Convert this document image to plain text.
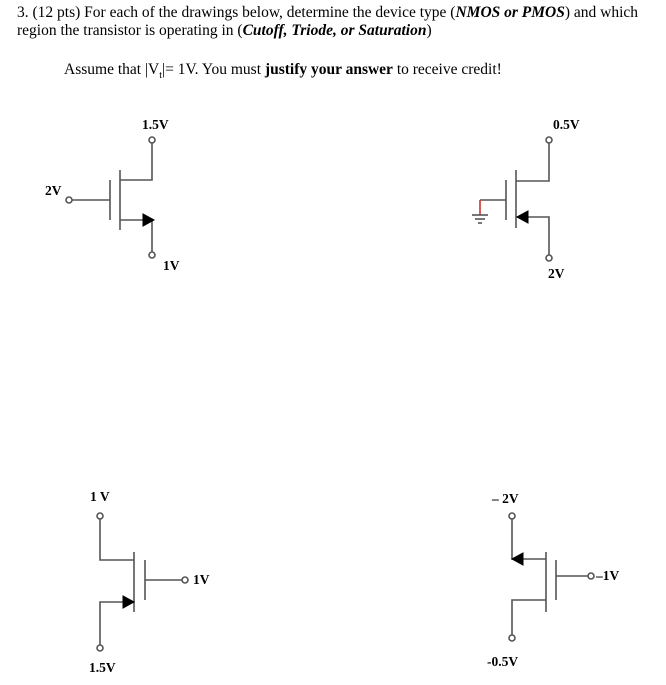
3. (12 pts) For each of the drawings below, determine the device type (NMOS or PMOS) and which region the transistor is operating in (Cutoff, Triode, or Saturation)
Assume that $|V_t|= 1V$. You must justify your answer to receive credit!
1.5V
2V
1V
0.5V
2V
1 V
1V
1.5V
– 2V
–1V
-0.5V
